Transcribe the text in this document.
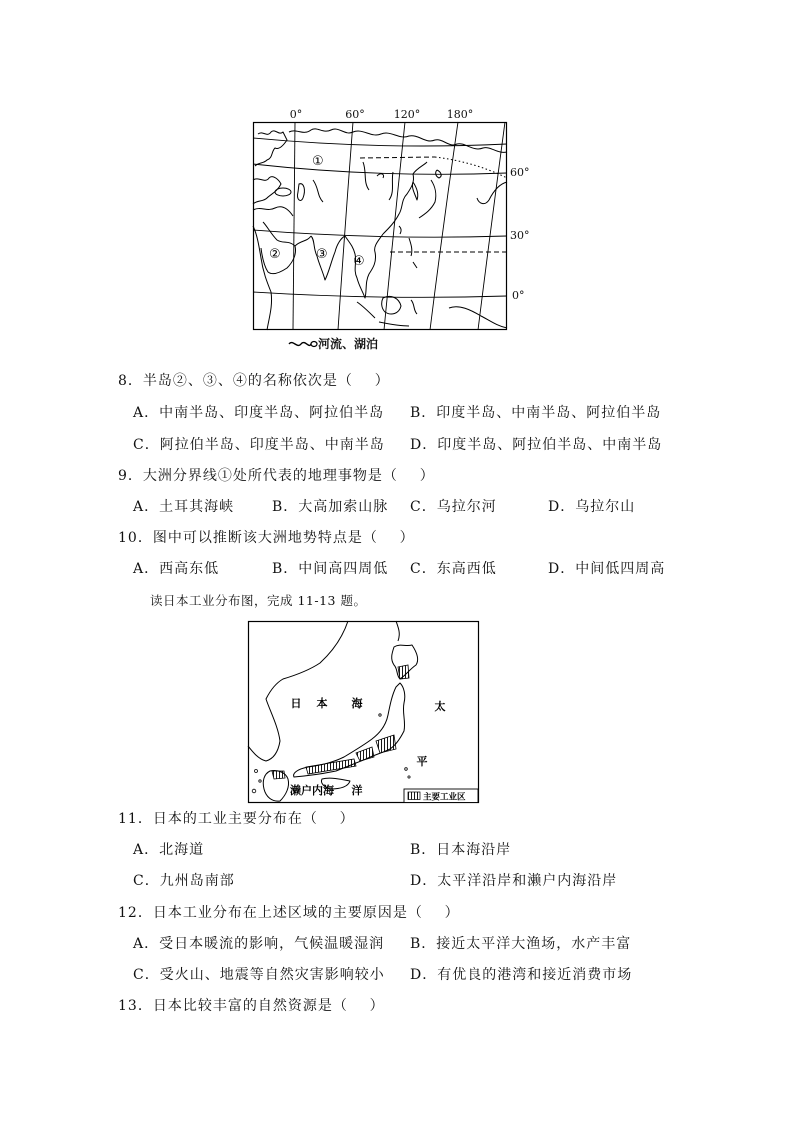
0°	60°	120° 180°
60°
30°
0°
①
②	③ ④
河流、湖泊
8．半岛②、③、④的名称依次是（    ）
A．中南半岛、印度半岛、阿拉伯半岛 B．印度半岛、中南半岛、阿拉伯半岛
C．阿拉伯半岛、印度半岛、中南半岛 D．印度半岛、阿拉伯半岛、中南半岛
9．大洲分界线①处所代表的地理事物是（    ）
A．土耳其海峡	B．大高加索山脉 C．乌拉尔河	D．乌拉尔山
10．图中可以推断该大洲地势特点是（    ）
A．西高东低	B．中间高四周低 C．东高西低	D．中间低四周高
读日本工业分布图，完成 11-13 题。
日 本 海	太
平
濑户内海 洋
主要工业区
11．日本的工业主要分布在（    ）
A．北海道	B．日本海沿岸
C．九州岛南部	D．太平洋沿岸和濑户内海沿岸
12．日本工业分布在上述区域的主要原因是（    ）
A．受日本暖流的影响，气候温暖湿润 B．接近太平洋大渔场，水产丰富
C．受火山、地震等自然灾害影响较小 D．有优良的港湾和接近消费市场
13．日本比较丰富的自然资源是（    ）
